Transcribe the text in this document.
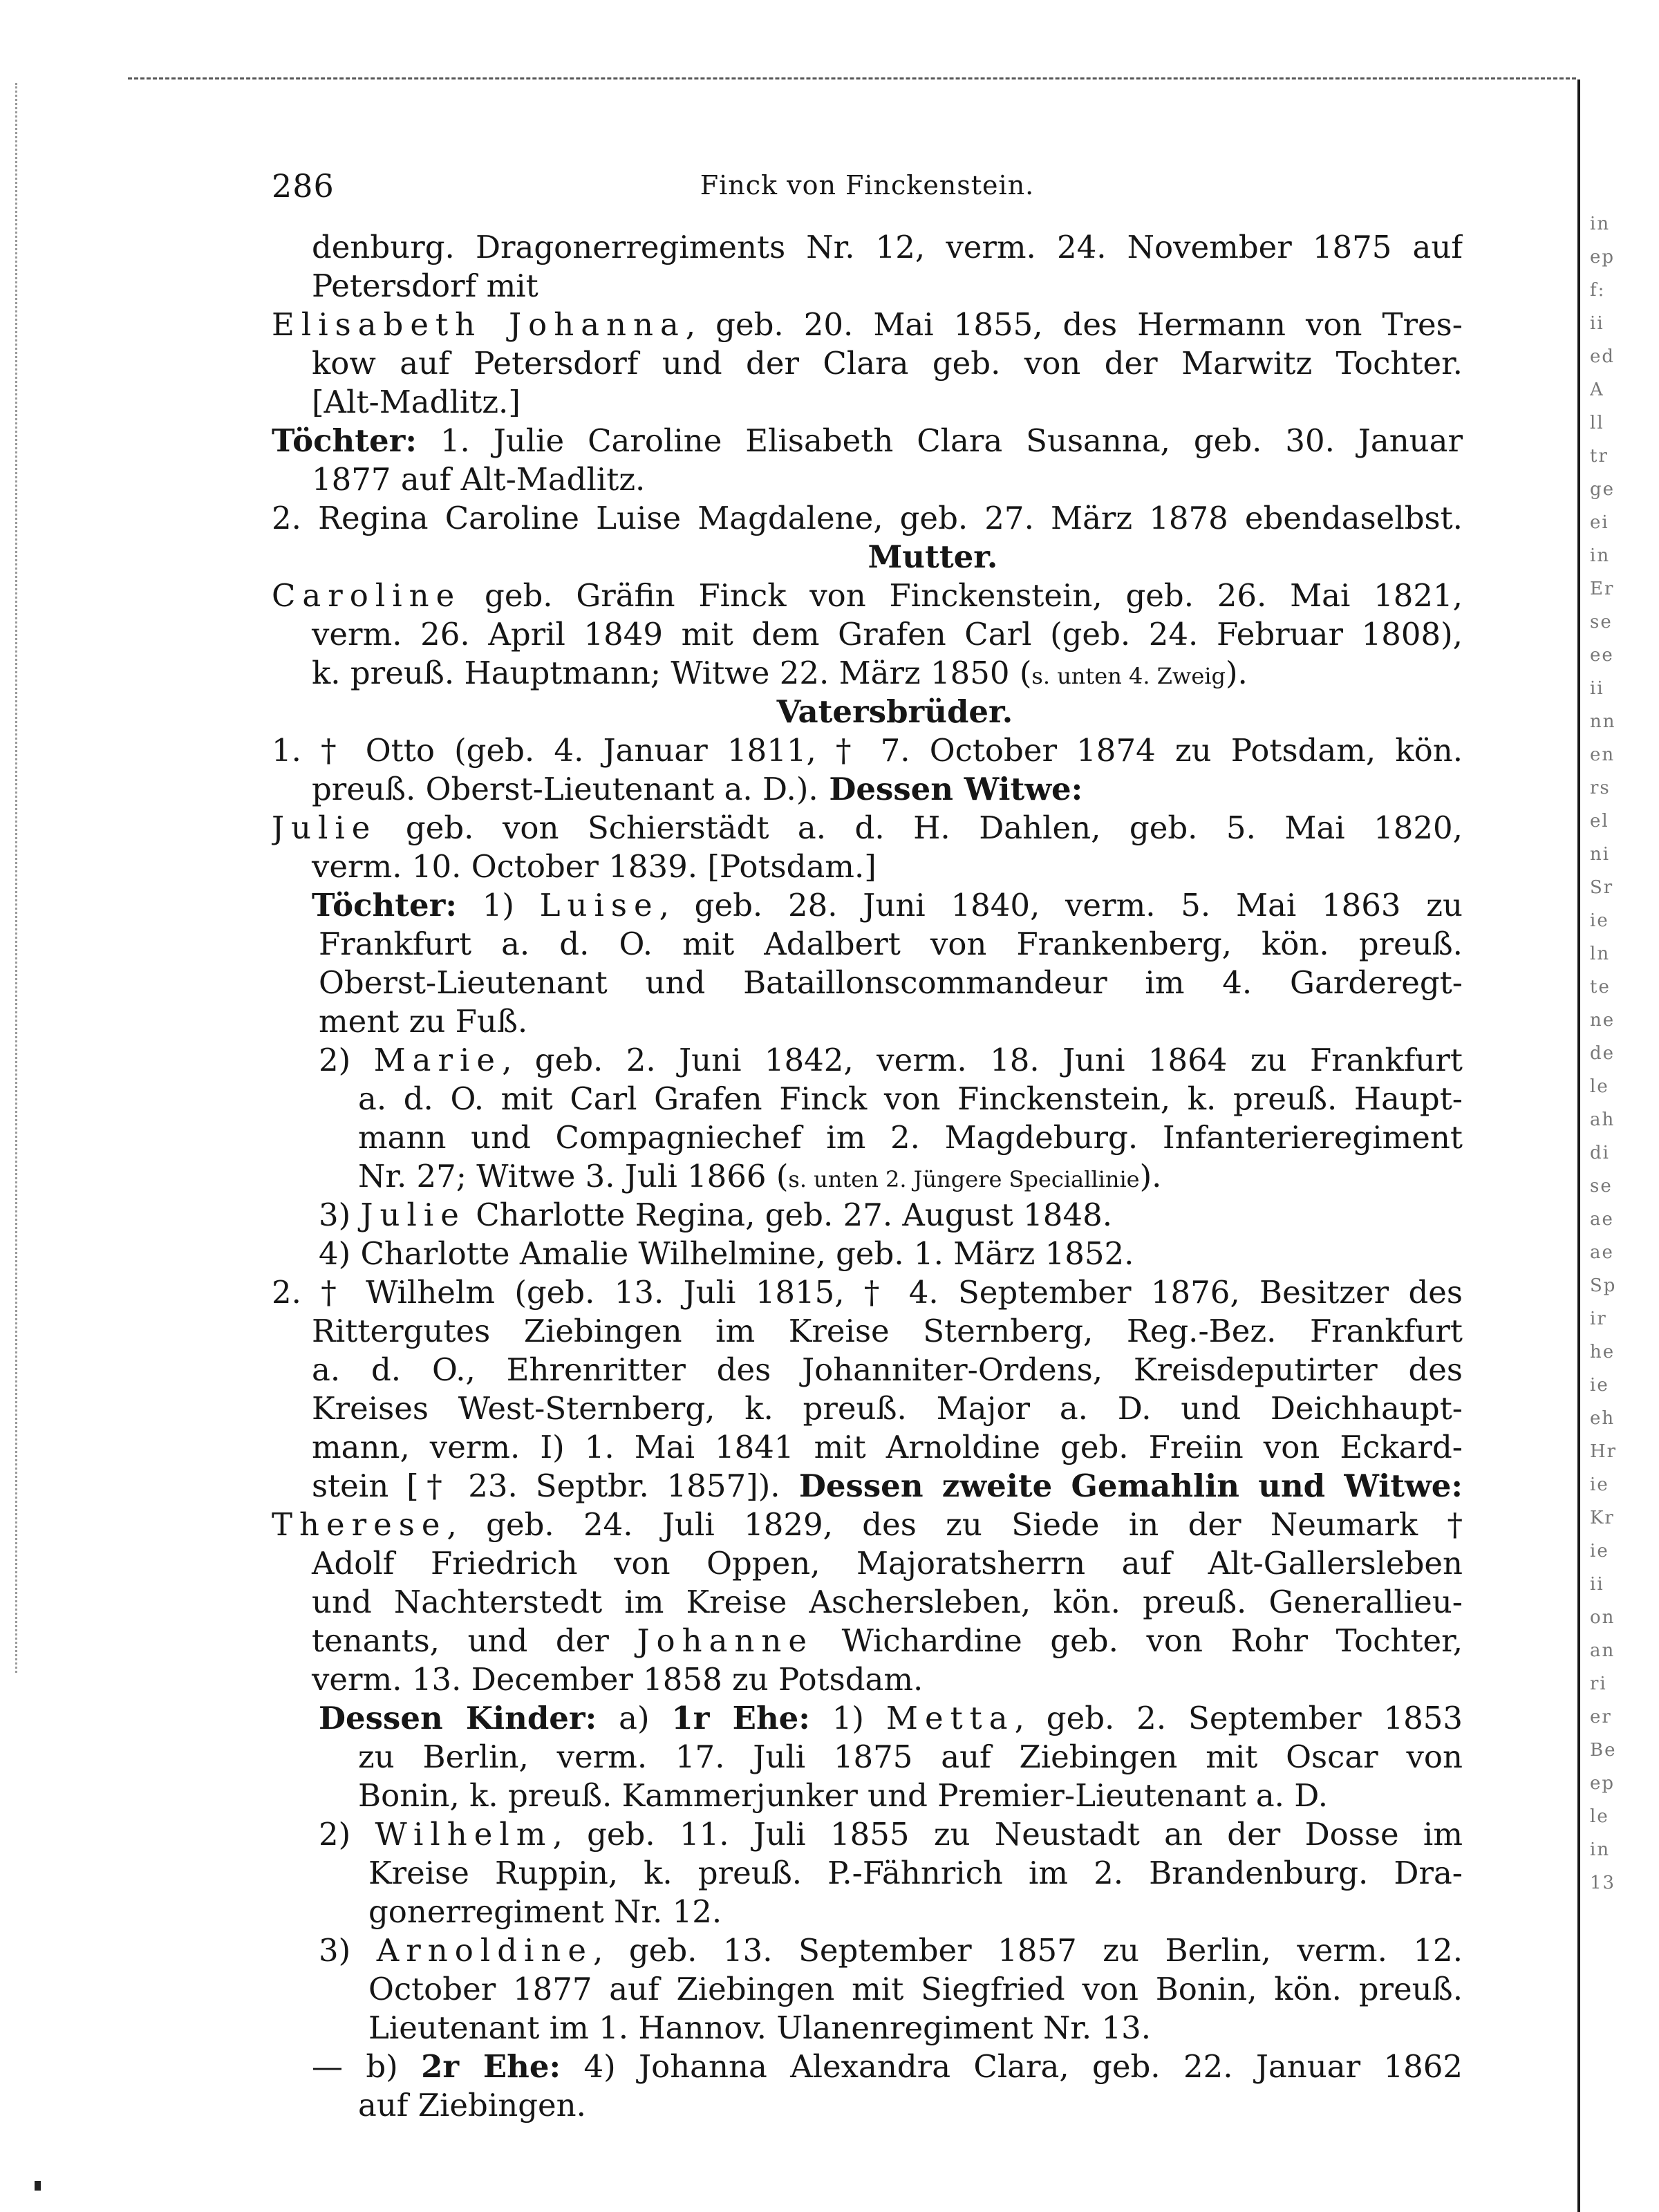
in
ep
f:
ii
ed
A
ll
tr
ge
ei
in
Er
se
ee
ii
nn
en
rs
el
ni
Sr
ie
ln
te
ne
de
le
ah
di
se
ae
ae
Sp
ir
he
ie
eh
Hr
ie
Kr
ie
ii
on
an
ri
er
Be
ep
le
in
13
286	Finck von Finckenstein.
denburg. Dragonerregiments Nr. 12, verm. 24. November 1875 auf
Petersdorf mit
Elisabeth Johanna, geb. 20. Mai 1855, des Hermann von Tres-
kow auf Petersdorf und der Clara geb. von der Marwitz Tochter.
[Alt-Madlitz.]
Töchter: 1. Julie Caroline Elisabeth Clara Susanna, geb. 30. Januar
1877 auf Alt-Madlitz.
2. Regina Caroline Luise Magdalene, geb. 27. März 1878 ebendaselbst.
Mutter.
Caroline geb. Gräfin Finck von Finckenstein, geb. 26. Mai 1821,
verm. 26. April 1849 mit dem Grafen Carl (geb. 24. Februar 1808),
k. preuß. Hauptmann; Witwe 22. März 1850 (s. unten 4. Zweig).
Vatersbrüder.
1. † Otto (geb. 4. Januar 1811, † 7. October 1874 zu Potsdam, kön.
preuß. Oberst-Lieutenant a. D.). Dessen Witwe:
Julie geb. von Schierstädt a. d. H. Dahlen, geb. 5. Mai 1820,
verm. 10. October 1839. [Potsdam.]
Töchter: 1) Luise, geb. 28. Juni 1840, verm. 5. Mai 1863 zu
Frankfurt a. d. O. mit Adalbert von Frankenberg, kön. preuß.
Oberst-Lieutenant und Bataillonscommandeur im 4. Garderegt-
ment zu Fuß.
2) Marie, geb. 2. Juni 1842, verm. 18. Juni 1864 zu Frankfurt
a. d. O. mit Carl Grafen Finck von Finckenstein, k. preuß. Haupt-
mann und Compagniechef im 2. Magdeburg. Infanterieregiment
Nr. 27; Witwe 3. Juli 1866 (s. unten 2. Jüngere Speciallinie).
3) Julie Charlotte Regina, geb. 27. August 1848.
4) Charlotte Amalie Wilhelmine, geb. 1. März 1852.
2. † Wilhelm (geb. 13. Juli 1815, † 4. September 1876, Besitzer des
Rittergutes Ziebingen im Kreise Sternberg, Reg.-Bez. Frankfurt
a. d. O., Ehrenritter des Johanniter-Ordens, Kreisdeputirter des
Kreises West-Sternberg, k. preuß. Major a. D. und Deichhaupt-
mann, verm. I) 1. Mai 1841 mit Arnoldine geb. Freiin von Eckard-
stein [† 23. Septbr. 1857]). Dessen zweite Gemahlin und Witwe:
Therese, geb. 24. Juli 1829, des zu Siede in der Neumark †
Adolf Friedrich von Oppen, Majoratsherrn auf Alt-Gallersleben
und Nachterstedt im Kreise Aschersleben, kön. preuß. Generallieu-
tenants, und der Johanne Wichardine geb. von Rohr Tochter,
verm. 13. December 1858 zu Potsdam.
Dessen Kinder: a) 1r Ehe: 1) Metta, geb. 2. September 1853
zu Berlin, verm. 17. Juli 1875 auf Ziebingen mit Oscar von
Bonin, k. preuß. Kammerjunker und Premier-Lieutenant a. D.
2) Wilhelm, geb. 11. Juli 1855 zu Neustadt an der Dosse im
Kreise Ruppin, k. preuß. P.-Fähnrich im 2. Brandenburg. Dra-
gonerregiment Nr. 12.
3) Arnoldine, geb. 13. September 1857 zu Berlin, verm. 12.
October 1877 auf Ziebingen mit Siegfried von Bonin, kön. preuß.
Lieutenant im 1. Hannov. Ulanenregiment Nr. 13.
— b) 2r Ehe: 4) Johanna Alexandra Clara, geb. 22. Januar 1862
auf Ziebingen.
